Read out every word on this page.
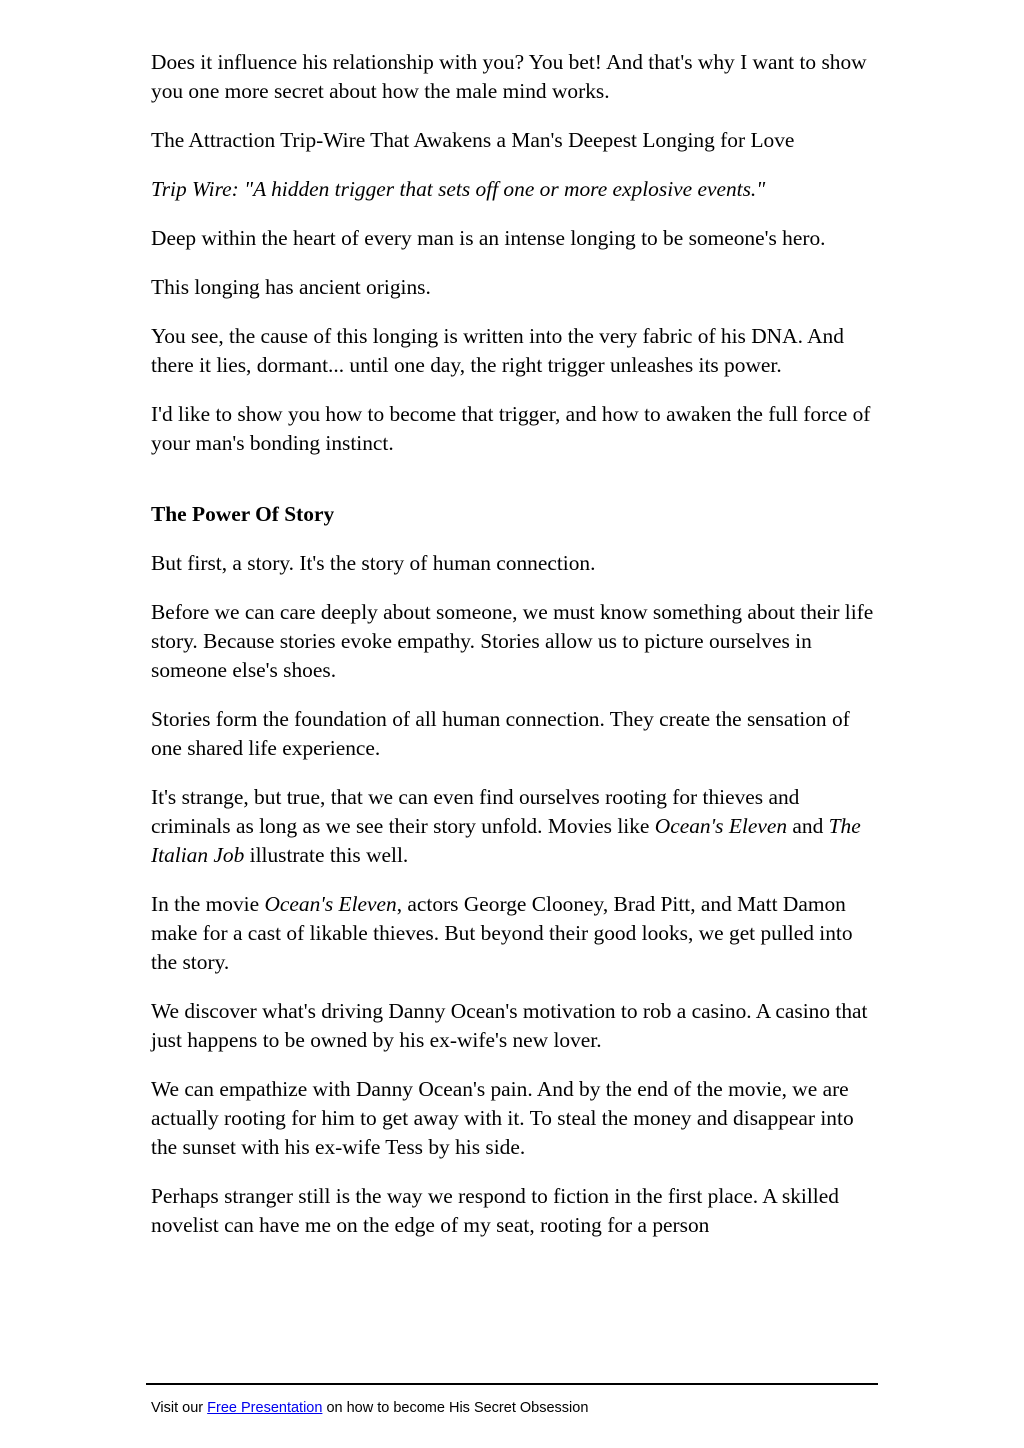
Does it influence his relationship with you? You bet! And that's why I want to show you one more secret about how the male mind works.

The Attraction Trip-Wire That Awakens a Man's Deepest Longing for Love

Trip Wire: "A hidden trigger that sets off one or more explosive events."

Deep within the heart of every man is an intense longing to be someone's hero.

This longing has ancient origins.

You see, the cause of this longing is written into the very fabric of his DNA. And there it lies, dormant... until one day, the right trigger unleashes its power.

I'd like to show you how to become that trigger, and how to awaken the full force of your man's bonding instinct.

The Power Of Story

But first, a story. It's the story of human connection.

Before we can care deeply about someone, we must know something about their life story. Because stories evoke empathy. Stories allow us to picture ourselves in someone else's shoes.

Stories form the foundation of all human connection. They create the sensation of one shared life experience.

It's strange, but true, that we can even find ourselves rooting for thieves and criminals as long as we see their story unfold. Movies like Ocean's Eleven and The Italian Job illustrate this well.

In the movie Ocean's Eleven, actors George Clooney, Brad Pitt, and Matt Damon make for a cast of likable thieves. But beyond their good looks, we get pulled into the story.

We discover what's driving Danny Ocean's motivation to rob a casino. A casino that just happens to be owned by his ex-wife's new lover.

We can empathize with Danny Ocean's pain. And by the end of the movie, we are actually rooting for him to get away with it. To steal the money and disappear into the sunset with his ex-wife Tess by his side.

Perhaps stranger still is the way we respond to fiction in the first place. A skilled novelist can have me on the edge of my seat, rooting for a person

Visit our Free Presentation on how to become His Secret Obsession
